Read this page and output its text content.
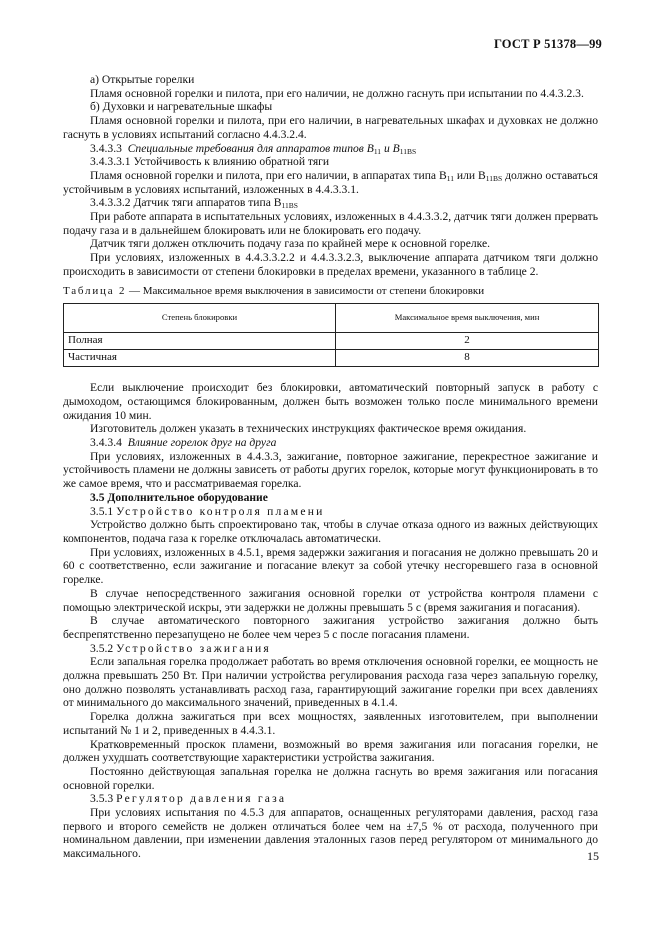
ГОСТ Р 51378—99

а) Открытые горелки

Пламя основной горелки и пилота, при его наличии, не должно гаснуть при испытании по 4.4.3.2.3.

б) Духовки и нагревательные шкафы

Пламя основной горелки и пилота, при его наличии, в нагревательных шкафах и духовках не должно гаснуть в условиях испытаний согласно 4.4.3.2.4.

3.4.3.3 Специальные требования для аппаратов типов $B_{11}$ и $B_{11BS}$

3.4.3.3.1 Устойчивость к влиянию обратной тяги

Пламя основной горелки и пилота, при его наличии, в аппаратах типа $B_{11}$ или $B_{11BS}$ должно оставаться устойчивым в условиях испытаний, изложенных в 4.4.3.3.1.

3.4.3.3.2 Датчик тяги аппаратов типа $B_{11BS}$

При работе аппарата в испытательных условиях, изложенных в 4.4.3.3.2, датчик тяги должен прервать подачу газа и в дальнейшем блокировать или не блокировать его подачу.

Датчик тяги должен отключить подачу газа по крайней мере к основной горелке.

При условиях, изложенных в 4.4.3.3.2.2 и 4.4.3.3.2.3, выключение аппарата датчиком тяги должно происходить в зависимости от степени блокировки в пределах времени, указанного в таблице 2.

Таблица 2 — Максимальное время выключения в зависимости от степени блокировки

Степень блокировки	Максимальное время выключения, мин
Полная	2
Частичная	8

Если выключение происходит без блокировки, автоматический повторный запуск в работу с дымоходом, остающимся блокированным, должен быть возможен только после минимального времени ожидания 10 мин.

Изготовитель должен указать в технических инструкциях фактическое время ожидания.

3.4.3.4 Влияние горелок друг на друга

При условиях, изложенных в 4.4.3.3, зажигание, повторное зажигание, перекрестное зажигание и устойчивость пламени не должны зависеть от работы других горелок, которые могут функционировать в то же самое время, что и рассматриваемая горелка.

3.5 Дополнительное оборудование

3.5.1 Устройство контроля пламени

Устройство должно быть спроектировано так, чтобы в случае отказа одного из важных действующих компонентов, подача газа к горелке отключалась автоматически.

При условиях, изложенных в 4.5.1, время задержки зажигания и погасания не должно превышать 20 и 60 с соответственно, если зажигание и погасание влекут за собой утечку несгоревшего газа в основной горелке.

В случае непосредственного зажигания основной горелки от устройства контроля пламени с помощью электрической искры, эти задержки не должны превышать 5 с (время зажигания и погасания).

В случае автоматического повторного зажигания устройство зажигания должно быть беспрепятственно перезапущено не более чем через 5 с после погасания пламени.

3.5.2 Устройство зажигания

Если запальная горелка продолжает работать во время отключения основной горелки, ее мощность не должна превышать 250 Вт. При наличии устройства регулирования расхода газа через запальную горелку, оно должно позволять устанавливать расход газа, гарантирующий зажигание горелки при всех давлениях от минимального до максимального значений, приведенных в 4.1.4.

Горелка должна зажигаться при всех мощностях, заявленных изготовителем, при выполнении испытаний № 1 и 2, приведенных в 4.4.3.1.

Кратковременный проскок пламени, возможный во время зажигания или погасания горелки, не должен ухудшать соответствующие характеристики устройства зажигания.

Постоянно действующая запальная горелка не должна гаснуть во время зажигания или погасания основной горелки.

3.5.3 Регулятор давления газа

При условиях испытания по 4.5.3 для аппаратов, оснащенных регуляторами давления, расход газа первого и второго семейств не должен отличаться более чем на ±7,5 % от расхода, полученного при номинальном давлении, при изменении давления эталонных газов перед регулятором от минимального до максимального.	15
